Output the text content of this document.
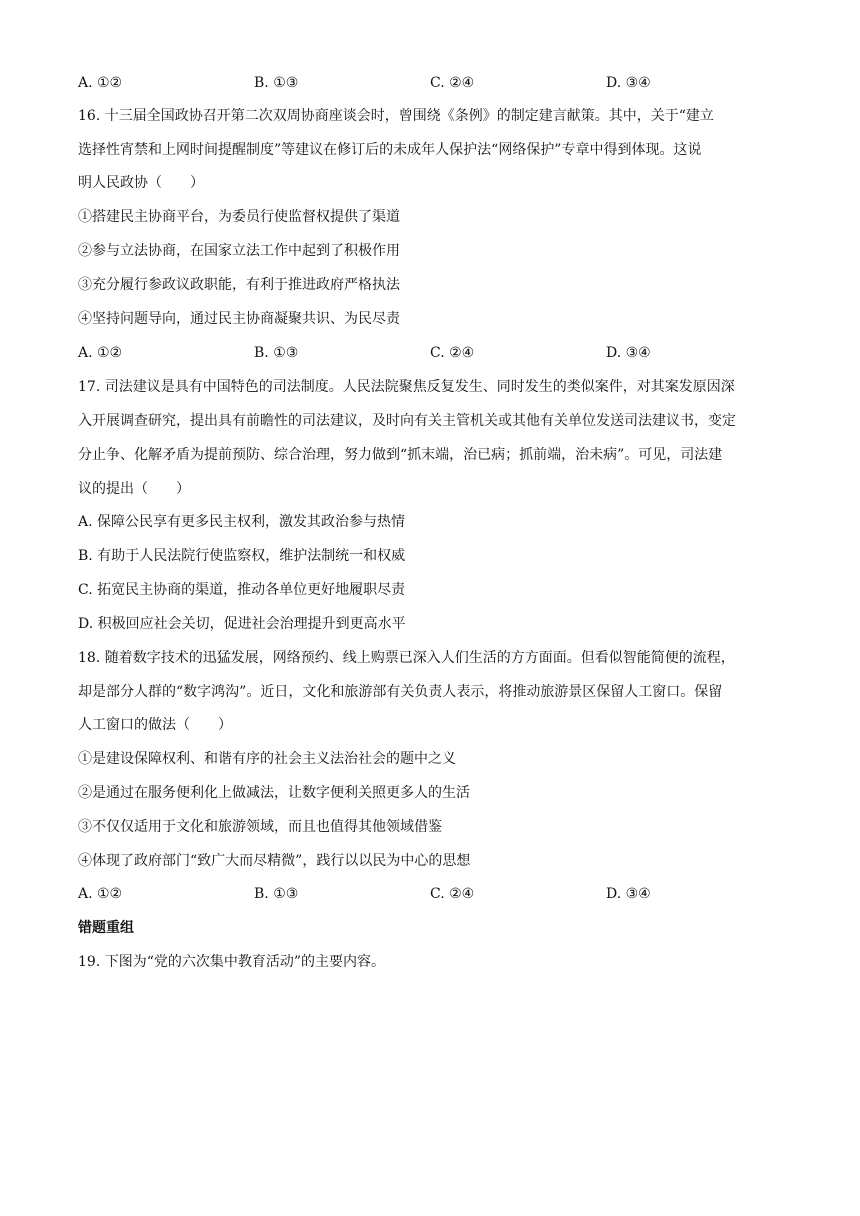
A. ①②	B. ①③	C. ②④	D. ③④
16. 十三届全国政协召开第二次双周协商座谈会时，曾围绕《条例》的制定建言献策。其中，关于“建立
选择性宵禁和上网时间提醒制度”等建议在修订后的未成年人保护法“网络保护”专章中得到体现。这说
明人民政协（　　）
①搭建民主协商平台，为委员行使监督权提供了渠道
②参与立法协商，在国家立法工作中起到了积极作用
③充分履行参政议政职能，有利于推进政府严格执法
④坚持问题导向，通过民主协商凝聚共识、为民尽责
A. ①②	B. ①③	C. ②④	D. ③④
17. 司法建议是具有中国特色的司法制度。人民法院聚焦反复发生、同时发生的类似案件，对其案发原因深
入开展调查研究，提出具有前瞻性的司法建议，及时向有关主管机关或其他有关单位发送司法建议书，变定
分止争、化解矛盾为提前预防、综合治理，努力做到“抓末端，治已病；抓前端，治未病”。可见，司法建
议的提出（　　）
A. 保障公民享有更多民主权利，激发其政治参与热情
B. 有助于人民法院行使监察权，维护法制统一和权威
C. 拓宽民主协商的渠道，推动各单位更好地履职尽责
D. 积极回应社会关切，促进社会治理提升到更高水平
18. 随着数字技术的迅猛发展，网络预约、线上购票已深入人们生活的方方面面。但看似智能简便的流程，
却是部分人群的“数字鸿沟”。近日，文化和旅游部有关负责人表示，将推动旅游景区保留人工窗口。保留
人工窗口的做法（　　）
①是建设保障权利、和谐有序的社会主义法治社会的题中之义
②是通过在服务便利化上做减法，让数字便利关照更多人的生活
③不仅仅适用于文化和旅游领域，而且也值得其他领域借鉴
④体现了政府部门“致广大而尽精微”，践行以以民为中心的思想
A. ①②	B. ①③	C. ②④	D. ③④
错题重组
19. 下图为“党的六次集中教育活动”的主要内容。
